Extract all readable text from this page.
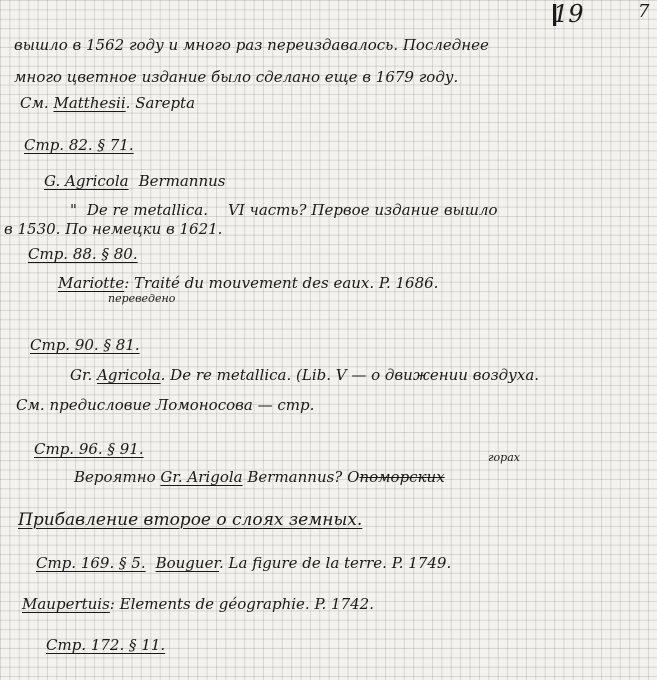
19	7

вышло в 1562 году и много раз переиздавалось. Последнее

много цветное издание было сделано еще в 1679 году.

См. Matthesii. Sarepta

Стр. 82. § 71.

G. Agricola Bermannus

" De re metallica. VI часть? Первое издание вышло

в 1530. По немецки в 1621.

Стр. 88. § 80.

Mariotte: Traité du mouvement des eaux. P. 1686.

переведено

Стр. 90. § 81.

Gr. Agricola. De re metallica. (Lib. V — о движении воздуха.

См. предисловие Ломоносова — стр.

Стр. 96. § 91.	горах

Вероятно Gr. Arigola Bermannus? Опоморских

Прибавление второе о слоях земных.

Стр. 169. § 5. Bouguer. La figure de la terre. P. 1749.

Maupertuis: Elements de géographie. P. 1742.

Стр. 172. § 11.
